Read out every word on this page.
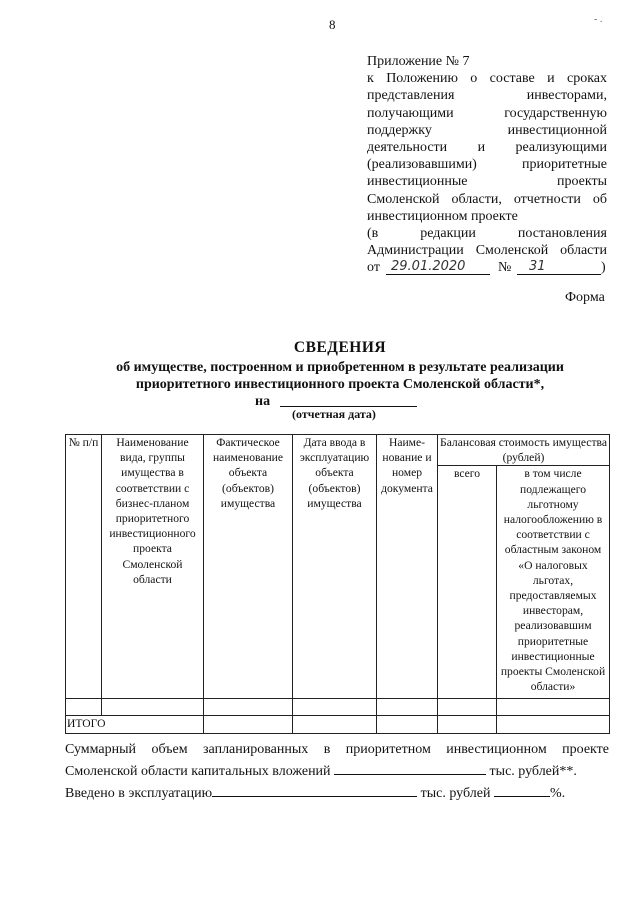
8	- .
Приложение № 7
к Положению о составе и сроках
представления инвесторами,
получающими государственную
поддержку инвестиционной
деятельности и реализующими
(реализовавшими) приоритетные
инвестиционные проекты
Смоленской области, отчетности об
инвестиционном проекте
(в редакции постановления
Администрации Смоленской области
от 29.01.2020 № 31	)
Форма
СВЕДЕНИЯ
об имуществе, построенном и приобретенном в результате реализации
приоритетного инвестиционного проекта Смоленской области*,
на
(отчетная дата)
№ п/п	Наименование вида, группы имущества в соответствии с бизнес-планом приоритетного инвестиционного проекта Смоленской области	Фактическое наименование объекта (объектов) имущества	Дата ввода в эксплуатацию объекта (объектов) имущества	Наиме-нование и номер документа	Балансовая стоимость имущества (рублей)	
					всего	в том числе подлежащего льготному налогообложению в соответствии с областным законом «О налоговых льготах, предоставляемых инвесторам, реализовавшим приоритетные инвестиционные проекты Смоленской области»

ИТОГО						
Суммарный объем запланированных в приоритетном инвестиционном проекте
Смоленской области капитальных вложений	тыс. рублей**.
Введено в эксплуатацию	тыс. рублей	%.
